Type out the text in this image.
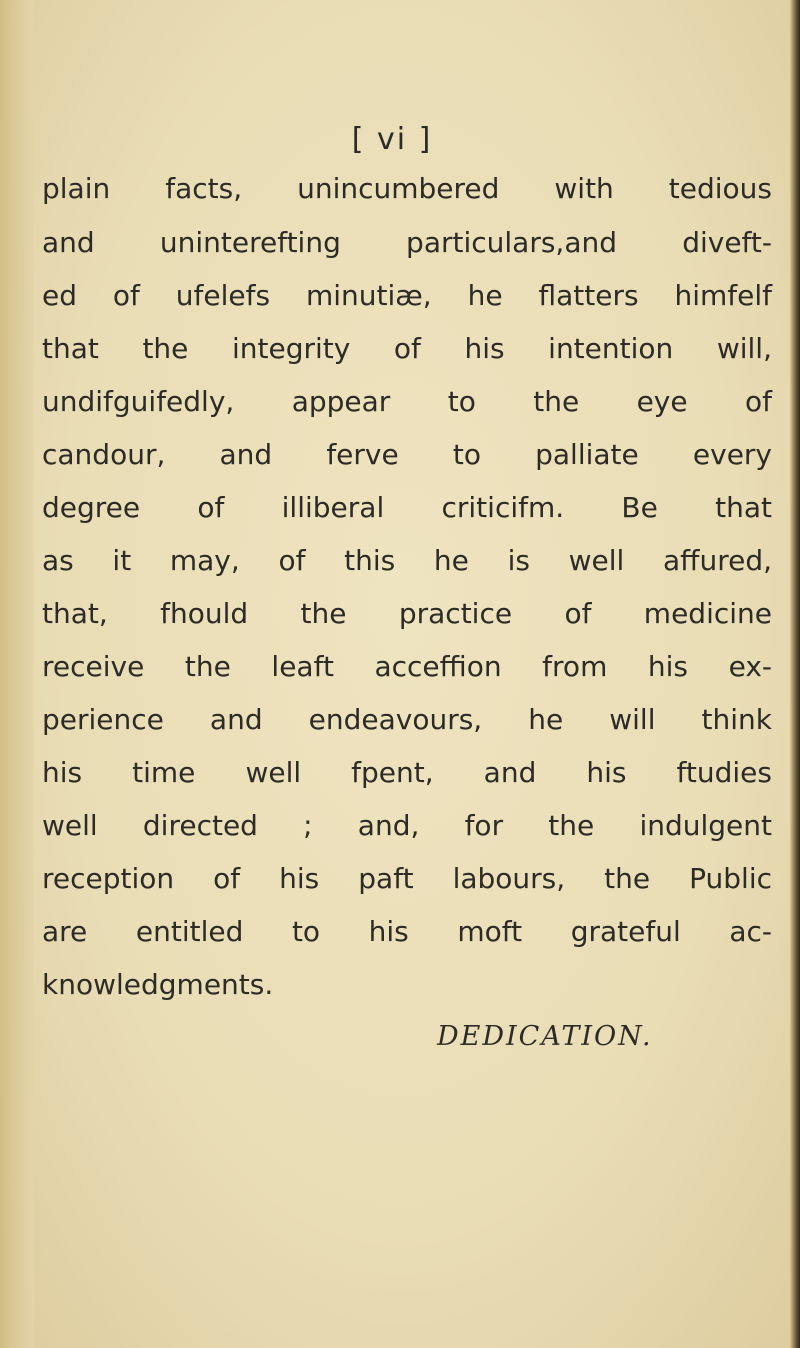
[ vi ]
plain facts, unincumbered with tedious
and uninterefting particulars,and diveft-
ed of ufelefs minutiæ, he flatters himfelf
that the integrity of his intention will,
undifguifedly, appear to the eye of
candour, and ferve to palliate every
degree of illiberal criticifm. Be that
as it may, of this he is well affured,
that, fhould the practice of medicine
receive the leaft acceffion from his ex-
perience and endeavours, he will think
his time well fpent, and his ftudies
well directed ; and, for the indulgent
reception of his paft labours, the Public
are entitled to his moft grateful ac-
knowledgments.
DEDICATION.
